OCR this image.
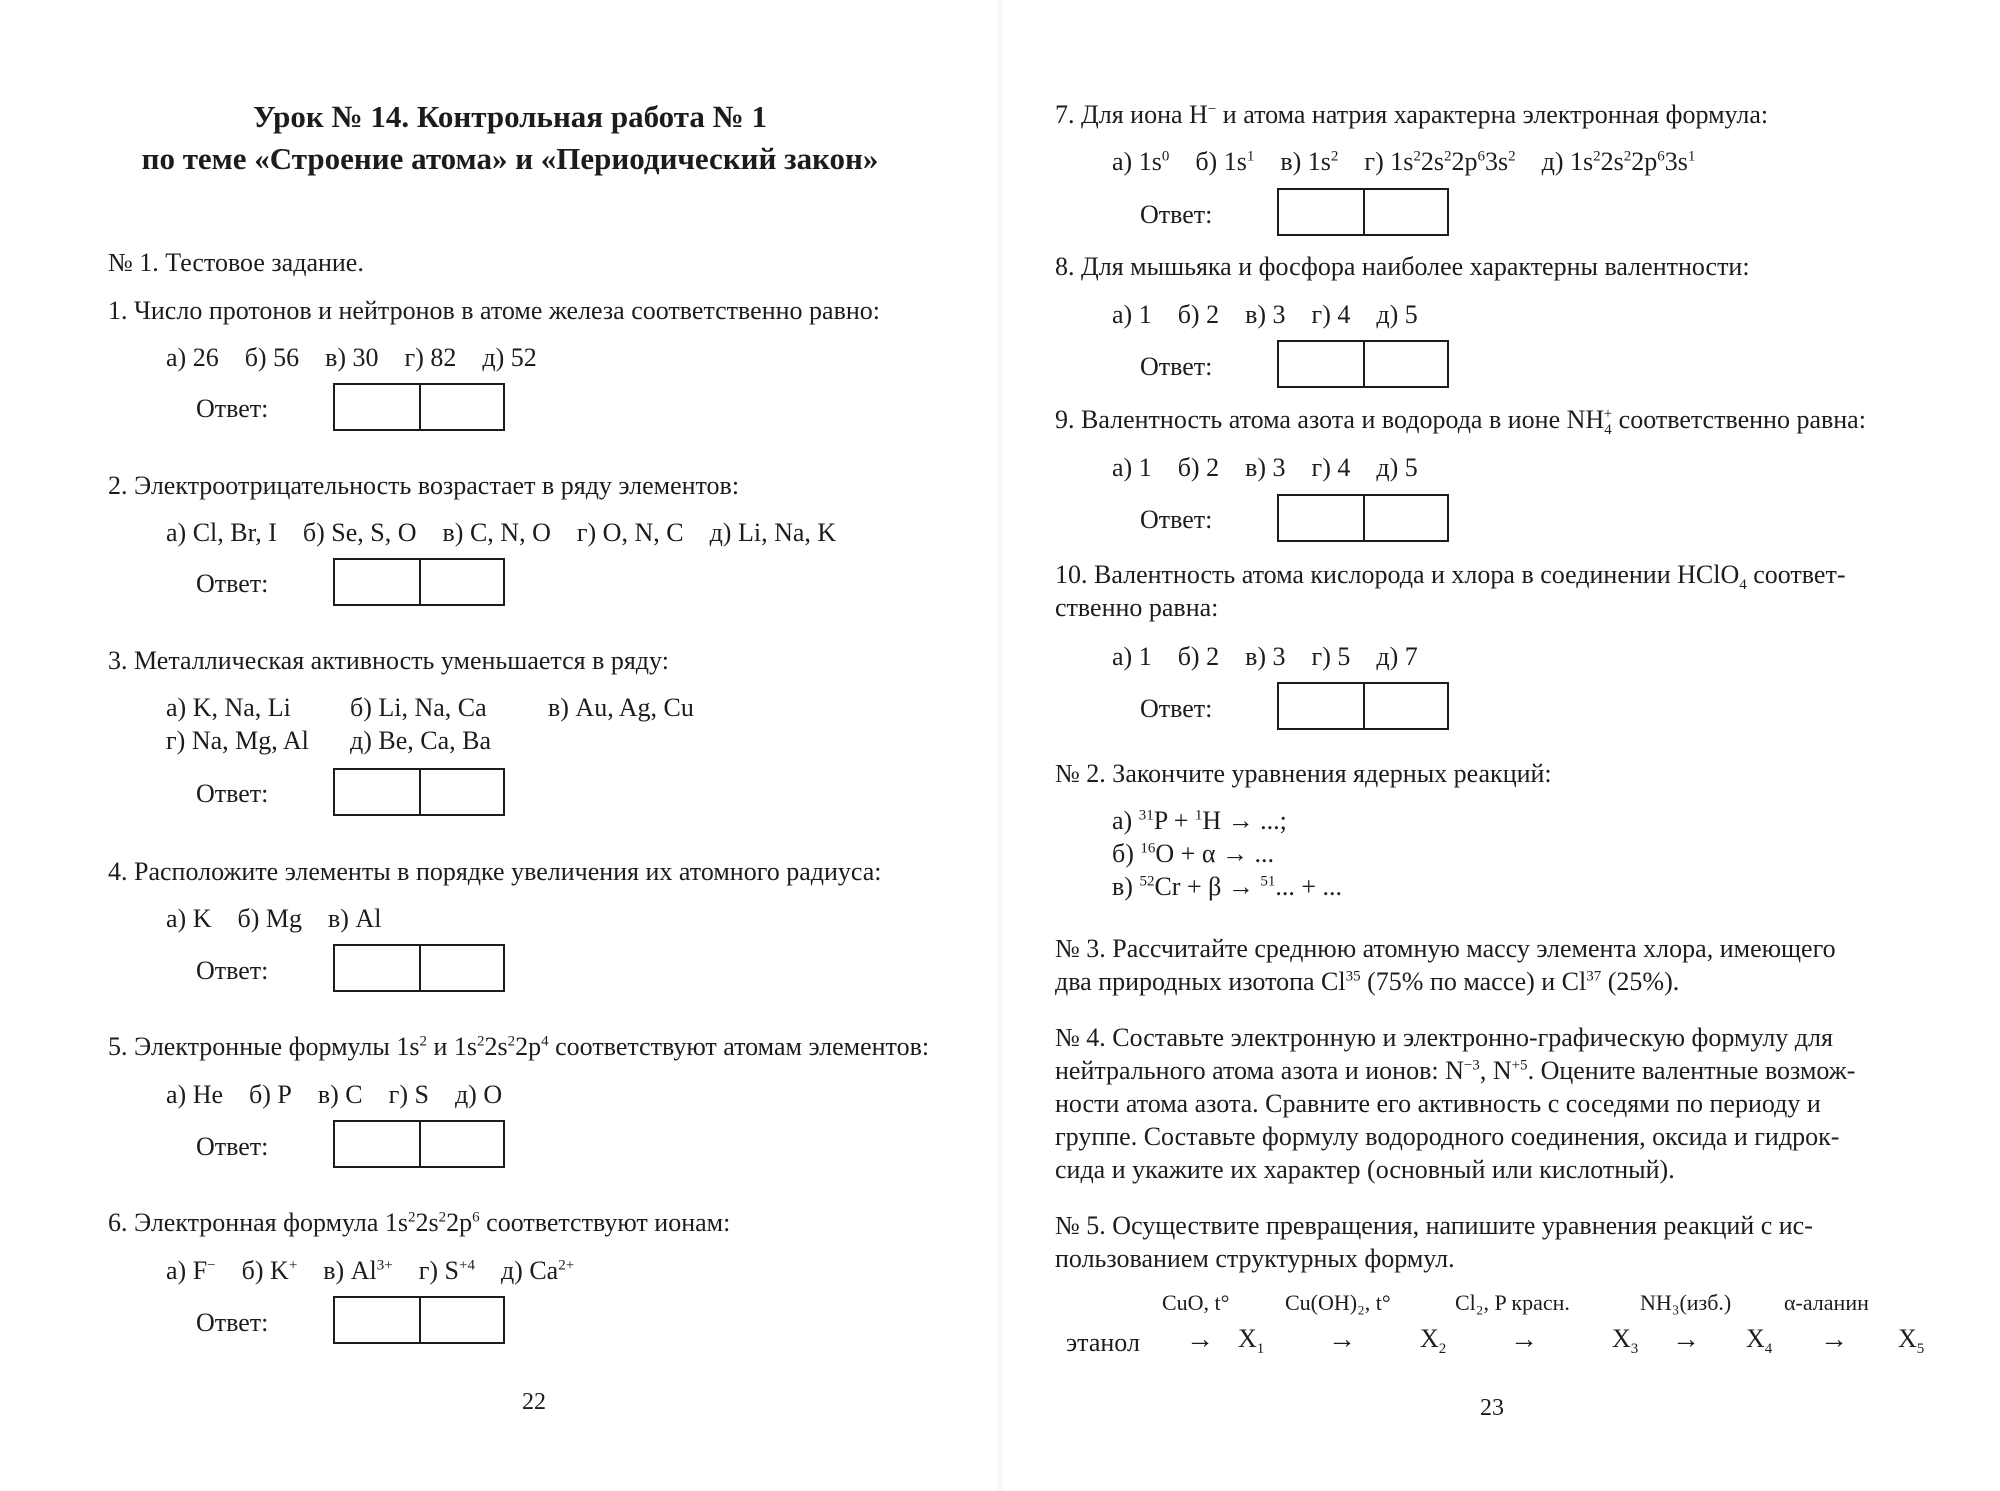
Урок № 14. Контрольная работа № 1
по теме «Строение атома» и «Периодический закон»
№ 1. Тестовое задание.
1. Число протонов и нейтронов в атоме железа соответственно равно:
а) 26 б) 56 в) 30 г) 82 д) 52
Ответ:
2. Электроотрицательность возрастает в ряду элементов:
а) Cl, Br, I б) Se, S, O в) C, N, O г) O, N, C д) Li, Na, K
Ответ:
3. Металлическая активность уменьшается в ряду:
а) K, Na, Li б) Li, Na, Ca в) Au, Ag, Cu
г) Na, Mg, Al д) Be, Ca, Ba
Ответ:
4. Расположите элементы в порядке увеличения их атомного радиуса:
а) K б) Mg в) Al
Ответ:
5. Электронные формулы $1s^2$ и $1s^22s^22p^4$ соответствуют атомам элементов:
а) He б) P в) C г) S д) O
Ответ:
6. Электронная формула $1s^22s^22p^6$ соответствуют ионам:
а) F− б) K+ в) $Al^{3+}$ г) $S^{+4}$ д) $Ca^{2+}$
Ответ:
22
7. Для иона H− и атома натрия характерна электронная формула:
а) $1s^0$ б) $1s^1$ в) $1s^2$ г) $1s^22s^22p^63s^2$ д) $1s^22s^22p^63s^1$
Ответ:
8. Для мышьяка и фосфора наиболее характерны валентности:
а) 1 б) 2 в) 3 г) 4 д) 5
Ответ:
9. Валентность атома азота и водорода в ионе $NH_4^+$ соответственно равна:
а) 1 б) 2 в) 3 г) 4 д) 5
Ответ:
10. Валентность атома кислорода и хлора в соединении HClO$_4$ соответ-
ственно равна:
а) 1 б) 2 в) 3 г) 5 д) 7
Ответ:
№ 2. Закончите уравнения ядерных реакций:
а) $^{31}$P + $^1$H → ...;
б) $^{16}$O + α → ...
в) $^{52}$Cr + β → $^{51}$... + ...
№ 3. Рассчитайте среднюю атомную массу элемента хлора, имеющего
два природных изотопа Cl$^{35}$ (75% по массе) и Cl$^{37}$ (25%).
№ 4. Составьте электронную и электронно-графическую формулу для
нейтрального атома азота и ионов: $N^{-3}$, $N^{+5}$. Оцените валентные возмож-
ности атома азота. Сравните его активность с соседями по периоду и
группе. Составьте формулу водородного соединения, оксида и гидрок-
сида и укажите их характер (основный или кислотный).
№ 5. Осуществите превращения, напишите уравнения реакций с ис-
пользованием структурных формул.
CuO, t°	Cu(OH)₂, t°	Cl₂, P красн.	NH₃(изб.) α-аланин
этанол → $X_1 \to X_2$ →	$X_3 \to X_4 \to X_5$
23
